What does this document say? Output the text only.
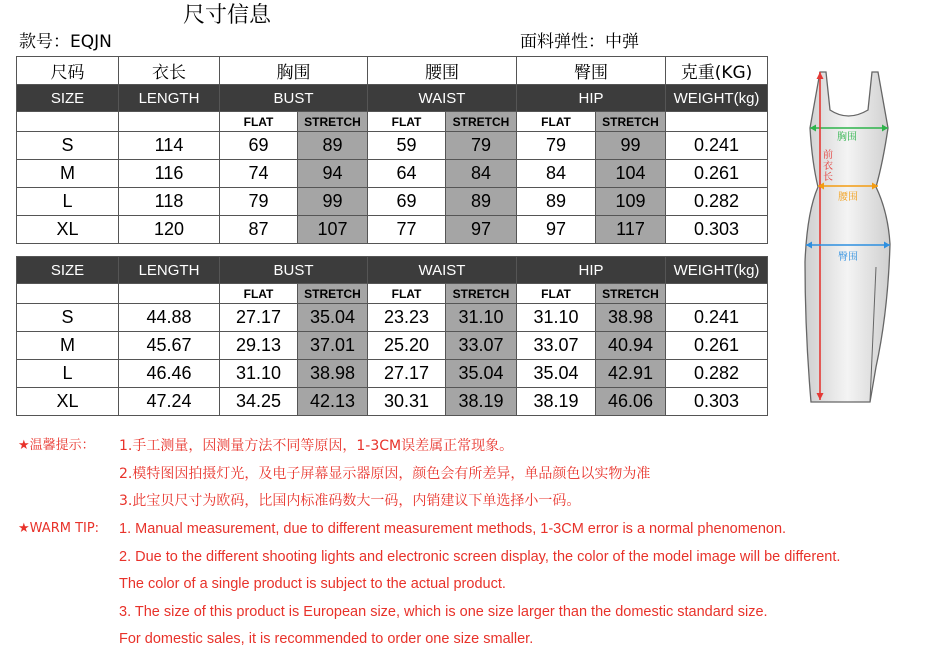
尺寸信息
款号：EQJN	面料弹性：中弹
尺码	衣长	胸围		腰围		臀围		克重(KG)
SIZE	LENGTH	BUST		WAIST		HIP		WEIGHT(kg)
		FLAT	STRETCH	FLAT	STRETCH	FLAT	STRETCH	
S	114	69	89	59	79	79	99	0.241
M	116	74	94	64	84	84	104	0.261
L	118	79	99	69	89	89	109	0.282
XL	120	87	107	77	97	97	117	0.303
SIZE	LENGTH	BUST		WAIST		HIP		WEIGHT(kg)
		FLAT	STRETCH	FLAT	STRETCH	FLAT	STRETCH	
S	44.88	27.17	35.04	23.23	31.10	31.10	38.98	0.241
M	45.67	29.13	37.01	25.20	33.07	33.07	40.94	0.261
L	46.46	31.10	38.98	27.17	35.04	35.04	42.91	0.282
XL	47.24	34.25	42.13	30.31	38.19	38.19	46.06	0.303
胸围
前
衣
长
腰围
臀围
★温馨提示： 1.手工测量，因测量方法不同等原因，1-3CM误差属正常现象。
2.模特图因拍摄灯光，及电子屏幕显示器原因，颜色会有所差异，单品颜色以实物为准
3.此宝贝尺寸为欧码，比国内标准码数大一码，内销建议下单选择小一码。
★WARM TIP: 1. Manual measurement, due to different measurement methods, 1-3CM error is a normal phenomenon.
2. Due to the different shooting lights and electronic screen display, the color of the model image will be different.
The color of a single product is subject to the actual product.
3. The size of this product is European size, which is one size larger than the domestic standard size.
For domestic sales, it is recommended to order one size smaller.
